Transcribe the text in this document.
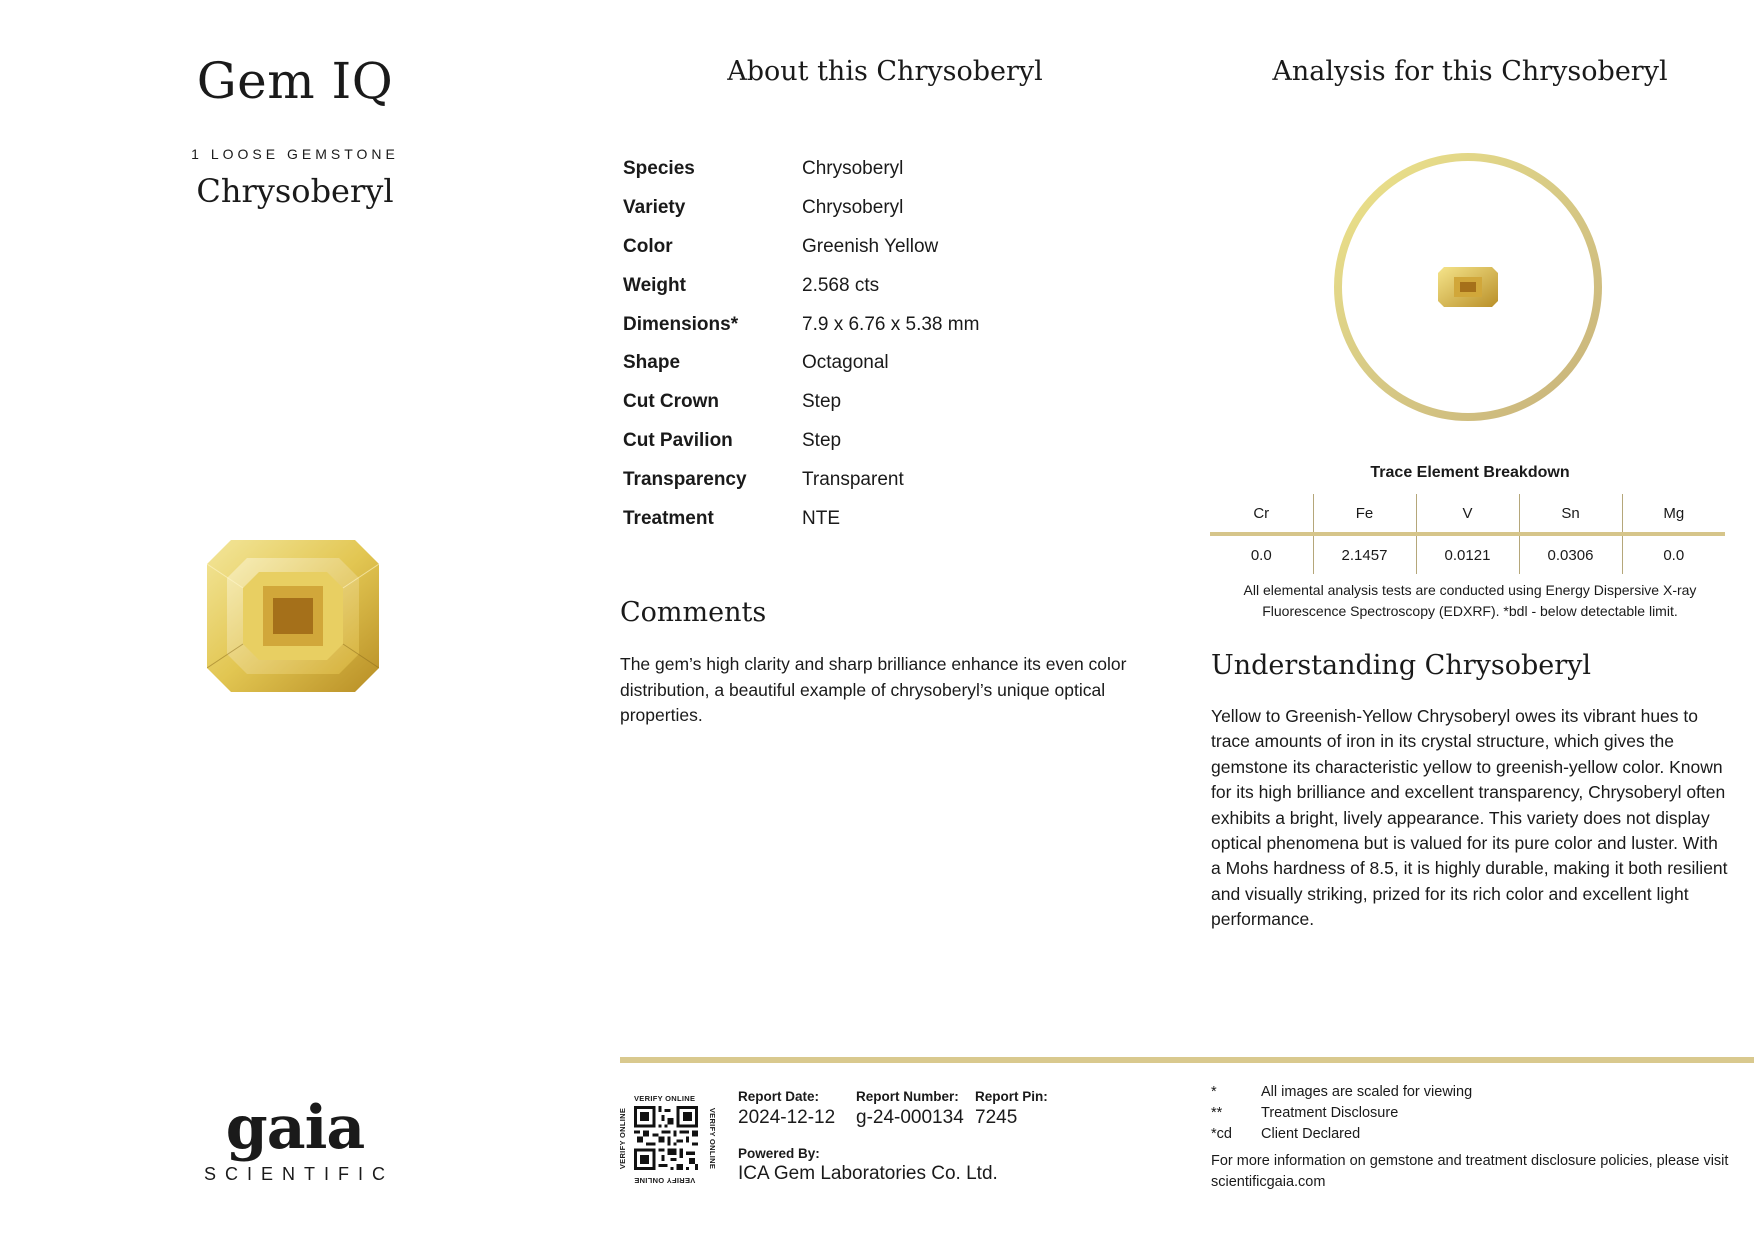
Gem IQ
1 LOOSE GEMSTONE
Chrysoberyl
gaia
SCIENTIFIC
About this Chrysoberyl
Species	Chrysoberyl
Variety	Chrysoberyl
Color	Greenish Yellow
Weight	2.568 cts
Dimensions*	7.9 x 6.76 x 5.38 mm
Shape	Octagonal
Cut Crown	Step
Cut Pavilion	Step
Transparency	Transparent
Treatment	NTE
Comments
The gem’s high clarity and sharp brilliance enhance its even color distribution, a beautiful example of chrysoberyl’s unique optical properties.
Analysis for this Chrysoberyl
Trace Element Breakdown
Cr	Fe	V	Sn	Mg
0.0	2.1457	0.0121	0.0306	0.0
All elemental analysis tests are conducted using Energy Dispersive X-ray Fluorescence Spectroscopy (EDXRF). *bdl - below detectable limit.
Understanding Chrysoberyl
Yellow to Greenish-Yellow Chrysoberyl owes its vibrant hues to trace amounts of iron in its crystal structure, which gives the gemstone its characteristic yellow to greenish-yellow color. Known for its high brilliance and excellent transparency, Chrysoberyl often exhibits a bright, lively appearance. This variety does not display optical phenomena but is valued for its pure color and luster. With a Mohs hardness of 8.5, it is highly durable, making it both resilient and visually striking, prized for its rich color and excellent light performance.
VERIFY ONLINE
VERIFY ONLINE
VERIFY ONLINE	VERIFY ONLINE
Report Date:
2024-12-12
Report Number:
g-24-000134
Report Pin:
7245
Powered By:
ICA Gem Laboratories Co. Ltd.
*	All images are scaled for viewing
**	Treatment Disclosure
*cd	Client Declared
For more information on gemstone and treatment disclosure policies, please visit scientificgaia.com
